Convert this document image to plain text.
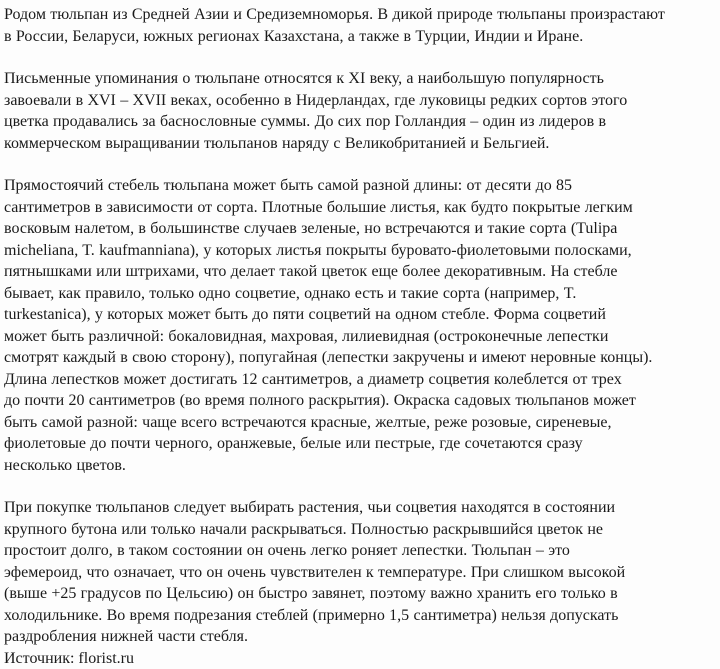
Родом тюльпан из Средней Азии и Средиземноморья. В дикой природе тюльпаны произрастают
в России, Беларуси, южных регионах Казахстана, а также в Турции, Индии и Иране.

Письменные упоминания о тюльпане относятся к XI веку, а наибольшую популярность
завоевали в XVI – XVII веках, особенно в Нидерландах, где луковицы редких сортов этого
цветка продавались за баснословные суммы. До сих пор Голландия – один из лидеров в
коммерческом выращивании тюльпанов наряду с Великобританией и Бельгией.

Прямостоячий стебель тюльпана может быть самой разной длины: от десяти до 85
сантиметров в зависимости от сорта. Плотные большие листья, как будто покрытые легким
восковым налетом, в большинстве случаев зеленые, но встречаются и такие сорта (Tulipa
micheliana, T. kaufmanniana), у которых листья покрыты буровато-фиолетовыми полосками,
пятнышками или штрихами, что делает такой цветок еще более декоративным. На стебле
бывает, как правило, только одно соцветие, однако есть и такие сорта (например, T.
turkestanica), у которых может быть до пяти соцветий на одном стебле. Форма соцветий
может быть различной: бокаловидная, махровая, лилиевидная (остроконечные лепестки
смотрят каждый в свою сторону), попугайная (лепестки закручены и имеют неровные концы).
Длина лепестков может достигать 12 сантиметров, а диаметр соцветия колеблется от трех
до почти 20 сантиметров (во время полного раскрытия). Окраска садовых тюльпанов может
быть самой разной: чаще всего встречаются красные, желтые, реже розовые, сиреневые,
фиолетовые до почти черного, оранжевые, белые или пестрые, где сочетаются сразу
несколько цветов.

При покупке тюльпанов следует выбирать растения, чьи соцветия находятся в состоянии
крупного бутона или только начали раскрываться. Полностью раскрывшийся цветок не
простоит долго, в таком состоянии он очень легко роняет лепестки. Тюльпан – это
эфемероид, что означает, что он очень чувствителен к температуре. При слишком высокой
(выше +25 градусов по Цельсию) он быстро завянет, поэтому важно хранить его только в
холодильнике. Во время подрезания стеблей (примерно 1,5 сантиметра) нельзя допускать
раздробления нижней части стебля.

Источник: florist.ru
